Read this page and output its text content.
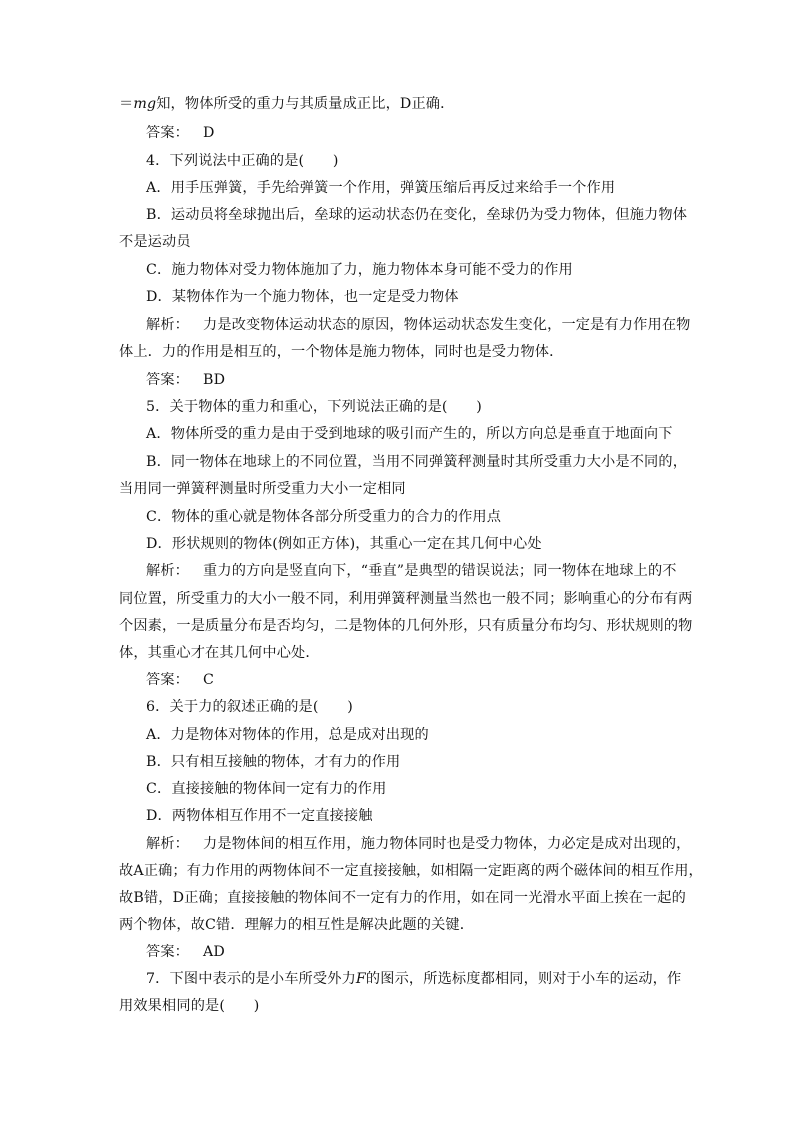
＝mg知，物体所受的重力与其质量成正比，D正确．
答案： D
4．下列说法中正确的是(　　)
A．用手压弹簧，手先给弹簧一个作用，弹簧压缩后再反过来给手一个作用
B．运动员将垒球抛出后，垒球的运动状态仍在变化，垒球仍为受力物体，但施力物体
不是运动员
C．施力物体对受力物体施加了力，施力物体本身可能不受力的作用
D．某物体作为一个施力物体，也一定是受力物体
解析： 力是改变物体运动状态的原因，物体运动状态发生变化，一定是有力作用在物
体上．力的作用是相互的，一个物体是施力物体，同时也是受力物体．
答案： BD
5．关于物体的重力和重心，下列说法正确的是(　　)
A．物体所受的重力是由于受到地球的吸引而产生的，所以方向总是垂直于地面向下
B．同一物体在地球上的不同位置，当用不同弹簧秤测量时其所受重力大小是不同的，
当用同一弹簧秤测量时所受重力大小一定相同
C．物体的重心就是物体各部分所受重力的合力的作用点
D．形状规则的物体(例如正方体)，其重心一定在其几何中心处
解析： 重力的方向是竖直向下，“垂直”是典型的错误说法；同一物体在地球上的不
同位置，所受重力的大小一般不同，利用弹簧秤测量当然也一般不同；影响重心的分布有两
个因素，一是质量分布是否均匀，二是物体的几何外形，只有质量分布均匀、形状规则的物
体，其重心才在其几何中心处．
答案： C
6．关于力的叙述正确的是(　　)
A．力是物体对物体的作用，总是成对出现的
B．只有相互接触的物体，才有力的作用
C．直接接触的物体间一定有力的作用
D．两物体相互作用不一定直接接触
解析： 力是物体间的相互作用，施力物体同时也是受力物体，力必定是成对出现的，
故A正确；有力作用的两物体间不一定直接接触，如相隔一定距离的两个磁体间的相互作用，
故B错，D正确；直接接触的物体间不一定有力的作用，如在同一光滑水平面上挨在一起的
两个物体，故C错．理解力的相互性是解决此题的关键．
答案： AD
7．下图中表示的是小车所受外力F的图示，所选标度都相同，则对于小车的运动，作
用效果相同的是(　　)
